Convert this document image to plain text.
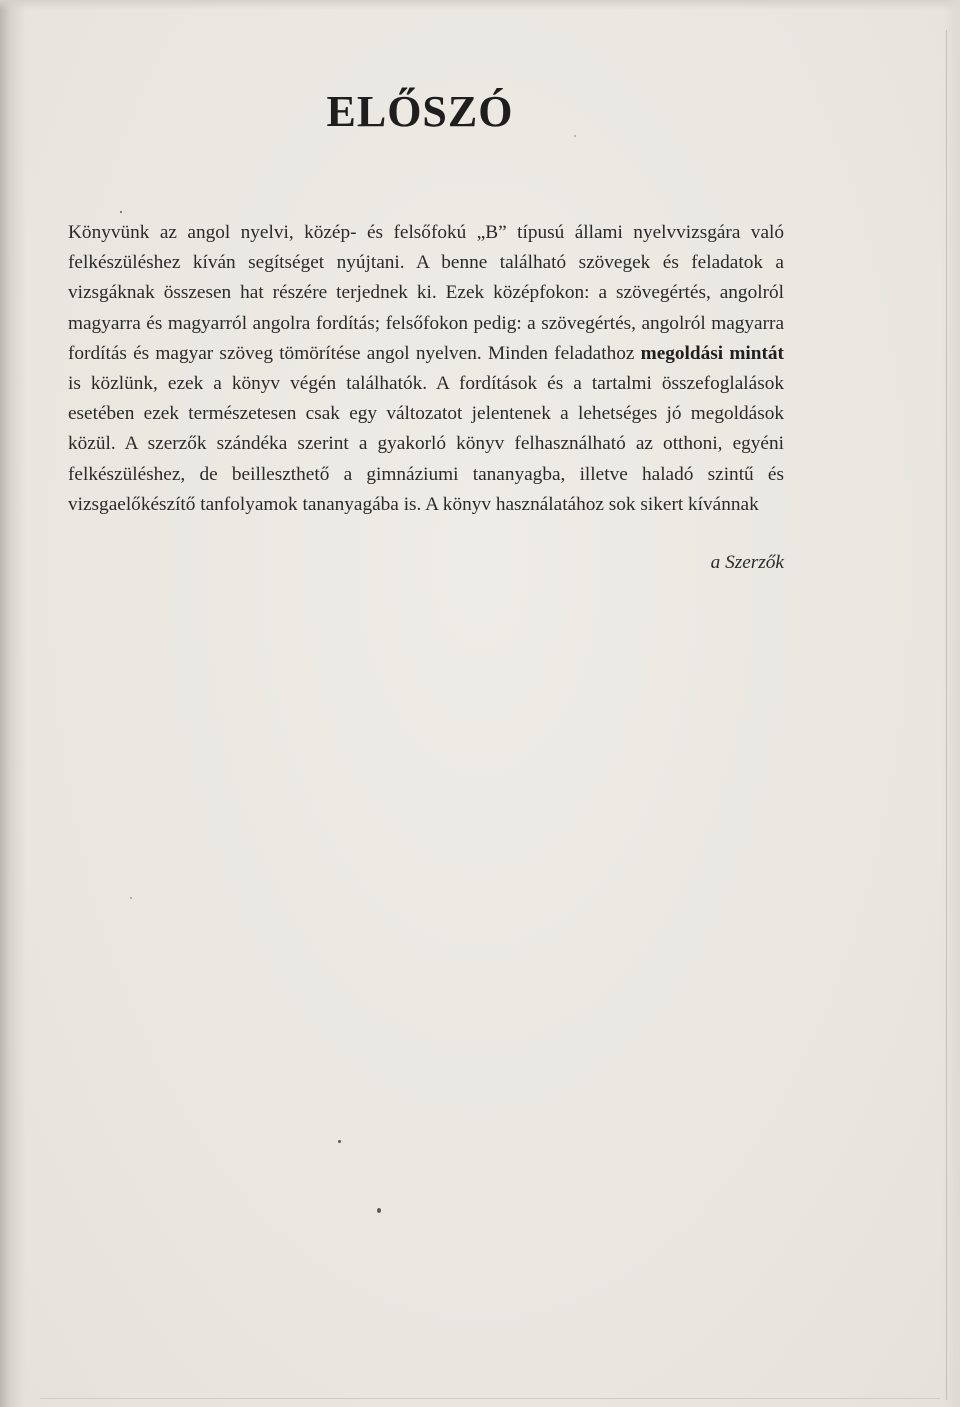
ELŐSZÓ

Könyvünk az angol nyelvi, közép- és felsőfokú „B” típusú állami nyelvvizsgára való felkészüléshez kíván segítséget nyújtani. A benne található szövegek és feladatok a vizsgáknak összesen hat részére terjednek ki. Ezek középfokon: a szövegértés, angolról magyarra és magyarról angolra fordítás; felsőfokon pedig: a szövegértés, angolról magyarra fordítás és magyar szöveg tömörítése angol nyelven. Minden feladathoz megoldási mintát is közlünk, ezek a könyv végén találhatók. A fordítások és a tartalmi összefoglalások esetében ezek természetesen csak egy változatot jelentenek a lehetséges jó megoldások közül. A szerzők szándéka szerint a gyakorló könyv felhasználható az otthoni, egyéni felkészüléshez, de beilleszthető a gimnáziumi tananyagba, illetve haladó szintű és vizsgaelőkészítő tanfolyamok tananyagába is. A könyv használatához sok sikert kívánnak

a Szerzők
